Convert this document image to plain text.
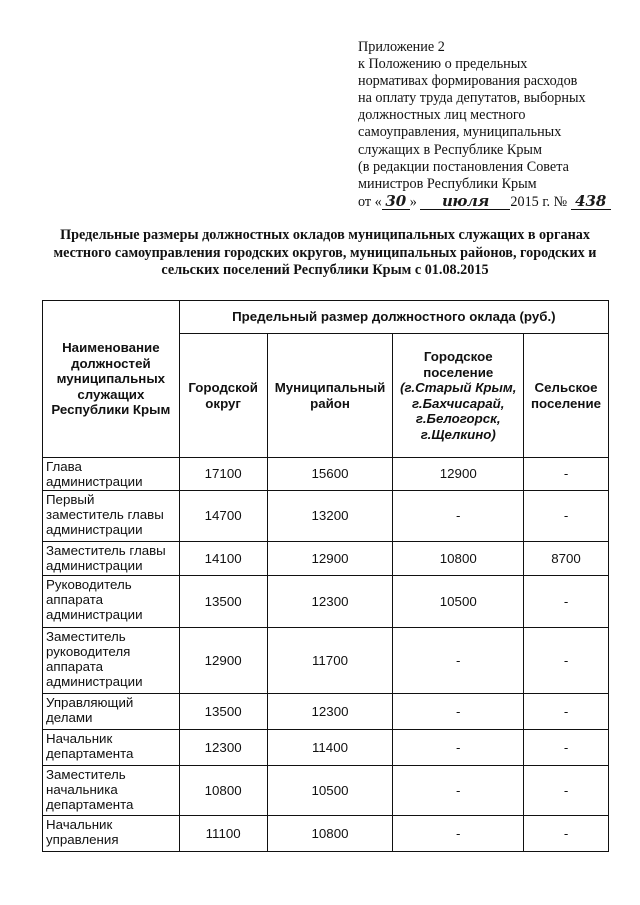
Приложение 2
к Положению о предельных
нормативах формирования расходов
на оплату труда депутатов, выборных
должностных лиц местного
самоуправления, муниципальных
служащих в Республике Крым
(в редакции постановления Совета
министров Республики Крым
от « 30 » июля 2015 г. № 438
Предельные размеры должностных окладов муниципальных служащих в органах местного самоуправления городских округов, муниципальных районов, городских и сельских поселений Республики Крым с 01.08.2015
Наименование должностей муниципальных служащих Республики Крым	Предельный размер должностного оклада (руб.)			
	Городской округ	Муниципальный район	Городское поселение
(г.Старый Крым, г.Бахчисарай, г.Белогорск, г.Щелкино)	Сельское поселение
Глава администрации	17100	15600	12900	-
Первый заместитель главы администрации	14700	13200	-	-
Заместитель главы администрации	14100	12900	10800	8700
Руководитель аппарата администрации	13500	12300	10500	-
Заместитель руководителя аппарата администрации	12900	11700	-	-
Управляющий делами	13500	12300	-	-
Начальник департамента	12300	11400	-	-
Заместитель начальника департамента	10800	10500	-	-
Начальник управления	11100	10800	-	-
